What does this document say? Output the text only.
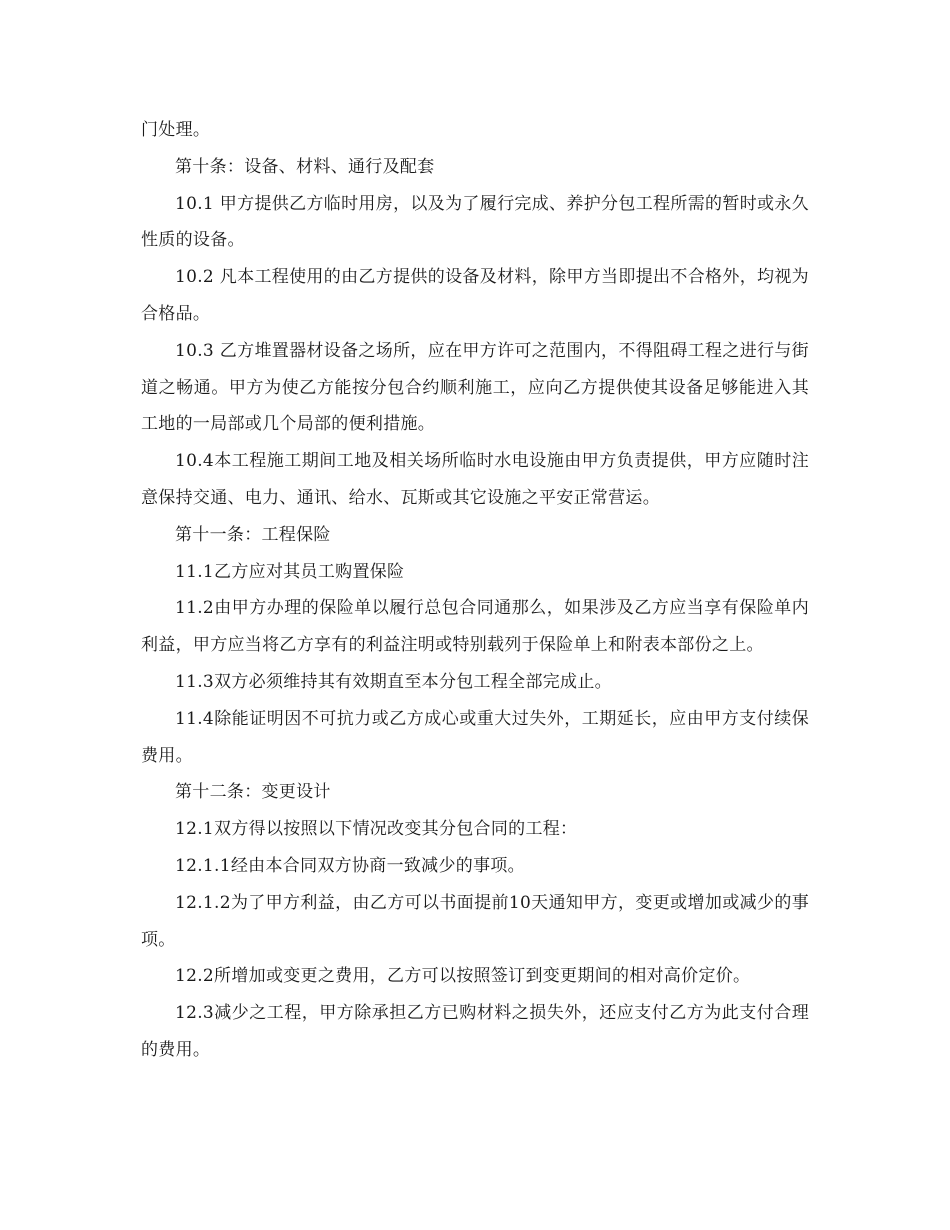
门处理。

第十条：设备、材料、通行及配套

10.1 甲方提供乙方临时用房，以及为了履行完成、养护分包工程所需的暂时或永久性质的设备。

10.2 凡本工程使用的由乙方提供的设备及材料，除甲方当即提出不合格外，均视为合格品。

10.3 乙方堆置器材设备之场所，应在甲方许可之范围内，不得阻碍工程之进行与街道之畅通。甲方为使乙方能按分包合约顺利施工，应向乙方提供使其设备足够能进入其工地的一局部或几个局部的便利措施。

10.4本工程施工期间工地及相关场所临时水电设施由甲方负责提供，甲方应随时注意保持交通、电力、通讯、给水、瓦斯或其它设施之平安正常营运。

第十一条：工程保险

11.1乙方应对其员工购置保险

11.2由甲方办理的保险单以履行总包合同通那么，如果涉及乙方应当享有保险单内利益，甲方应当将乙方享有的利益注明或特别载列于保险单上和附表本部份之上。

11.3双方必须维持其有效期直至本分包工程全部完成止。

11.4除能证明因不可抗力或乙方成心或重大过失外，工期延长，应由甲方支付续保费用。

第十二条：变更设计

12.1双方得以按照以下情况改变其分包合同的工程：

12.1.1经由本合同双方协商一致减少的事项。

12.1.2为了甲方利益，由乙方可以书面提前10天通知甲方，变更或增加或减少的事项。

12.2所增加或变更之费用，乙方可以按照签订到变更期间的相对高价定价。

12.3减少之工程，甲方除承担乙方已购材料之损失外，还应支付乙方为此支付合理的费用。
